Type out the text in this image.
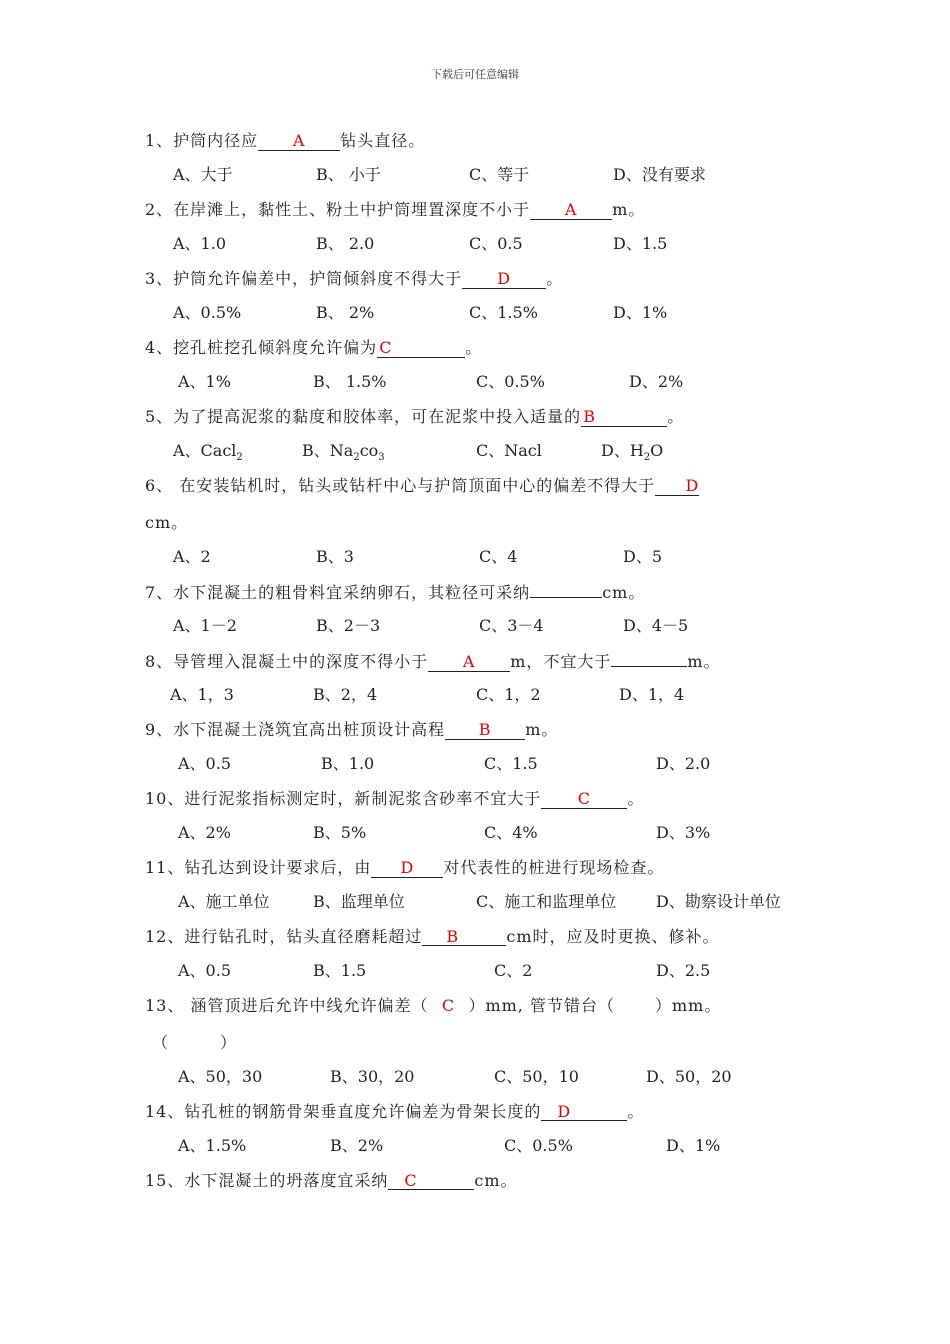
下载后可任意编辑
1、护筒内径应 A 钻头直径。
A、大于	B、 小于	C、等于	D、没有要求
2、在岸滩上，黏性土、粉土中护筒埋置深度不小于 A m。
A、1.0	B、 2.0	C、0.5	D、1.5
3、护筒允许偏差中，护筒倾斜度不得大于 D 。
A、0.5%	B、 2%	C、1.5%	D、1%
4、挖孔桩挖孔倾斜度允许偏为 C	。
A、1%	B、 1.5%	C、0.5%	D、2%
5、为了提高泥浆的黏度和胶体率，可在泥浆中投入适量的 B	。
A、Cacl$_2$	B、$Na_2co_3$	C、Nacl	D、$H_2O$
6、 在安装钻机时，钻头或钻杆中心与护筒顶面中心的偏差不得大于 D
cm。
A、2	B、3	C、4	D、5
7、水下混凝土的粗骨料宜采纳卵石，其粒径可采纳	cm。
A、1－2	B、2－3	C、3－4	D、4－5
8、导管埋入混凝土中的深度不得小于 A m，不宜大于	m。
A、1，3	B、2，4	C、1，2	D、1，4
9、水下混凝土浇筑宜高出桩顶设计高程 B m。
A、0.5	B、1.0	C、1.5	D、2.0
10、进行泥浆指标测定时，新制泥浆含砂率不宜大于 C 。
A、2%	B、5%	C、4%	D、3%
11、钻孔达到设计要求后，由 D 对代表性的桩进行现场检查。
A、施工单位	B、监理单位	C、施工和监理单位 D、勘察设计单位
12、进行钻孔时，钻头直径磨耗超过 B	cm时，应及时更换、修补。
A、0.5	B、1.5	C、2	D、2.5
13、 涵管顶进后允许中线允许偏差（ C ）mm, 管节错台（	）mm。
（　　　）
A、50，30	B、30，20	C、50，10	D、50，20
14、钻孔桩的钢筋骨架垂直度允许偏差为骨架长度的 D	。
A、1.5%	B、2%	C、0.5%	D、1%
15、水下混凝土的坍落度宜采纳 C	cm。
